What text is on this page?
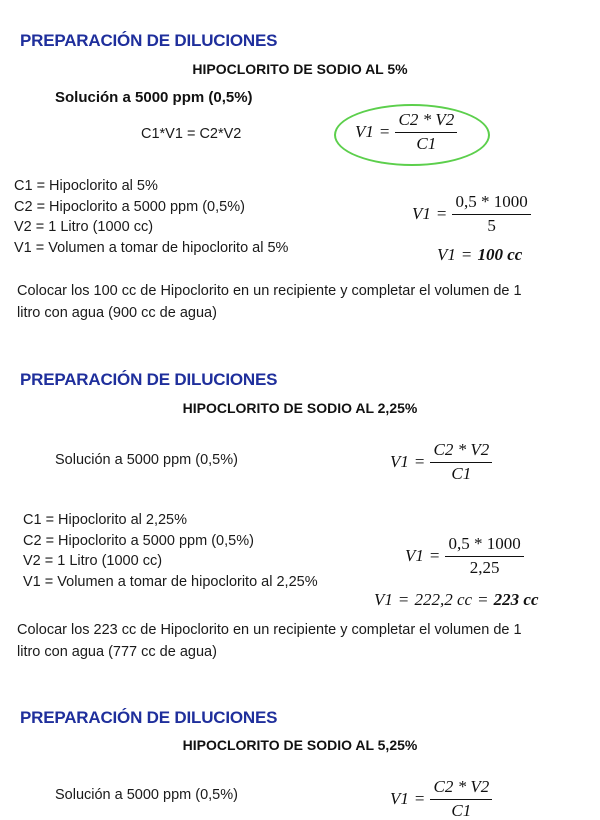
PREPARACIÓN DE DILUCIONES
HIPOCLORITO DE SODIO AL 5%
Solución a 5000 ppm (0,5%)
C1*V1 = C2*V2	$V1 = \frac{C2 * V2}{C1}$
C1 = Hipoclorito al 5%
C2 = Hipoclorito a 5000 ppm (0,5%)
V2 = 1 Litro (1000 cc)
V1 = Volumen a tomar de hipoclorito al 5%
$V1 = \frac{0,5 * 1000}{5}$
V1 = 100 cc
Colocar los 100 cc de Hipoclorito en un recipiente y completar el volumen de 1
litro con agua (900 cc de agua)
PREPARACIÓN DE DILUCIONES
HIPOCLORITO DE SODIO AL 2,25%
Solución a 5000 ppm (0,5%)	$V1 = \frac{C2 * V2}{C1}$
C1 = Hipoclorito al 2,25%
C2 = Hipoclorito a 5000 ppm (0,5%)
V2 = 1 Litro (1000 cc)
V1 = Volumen a tomar de hipoclorito al 2,25%
$V1 = \frac{0,5 * 1000}{2,25}$
V1 = 222,2 cc = 223 cc
Colocar los 223 cc de Hipoclorito en un recipiente y completar el volumen de 1
litro con agua (777 cc de agua)
PREPARACIÓN DE DILUCIONES
HIPOCLORITO DE SODIO AL 5,25%
Solución a 5000 ppm (0,5%)	$V1 = \frac{C2 * V2}{C1}$
